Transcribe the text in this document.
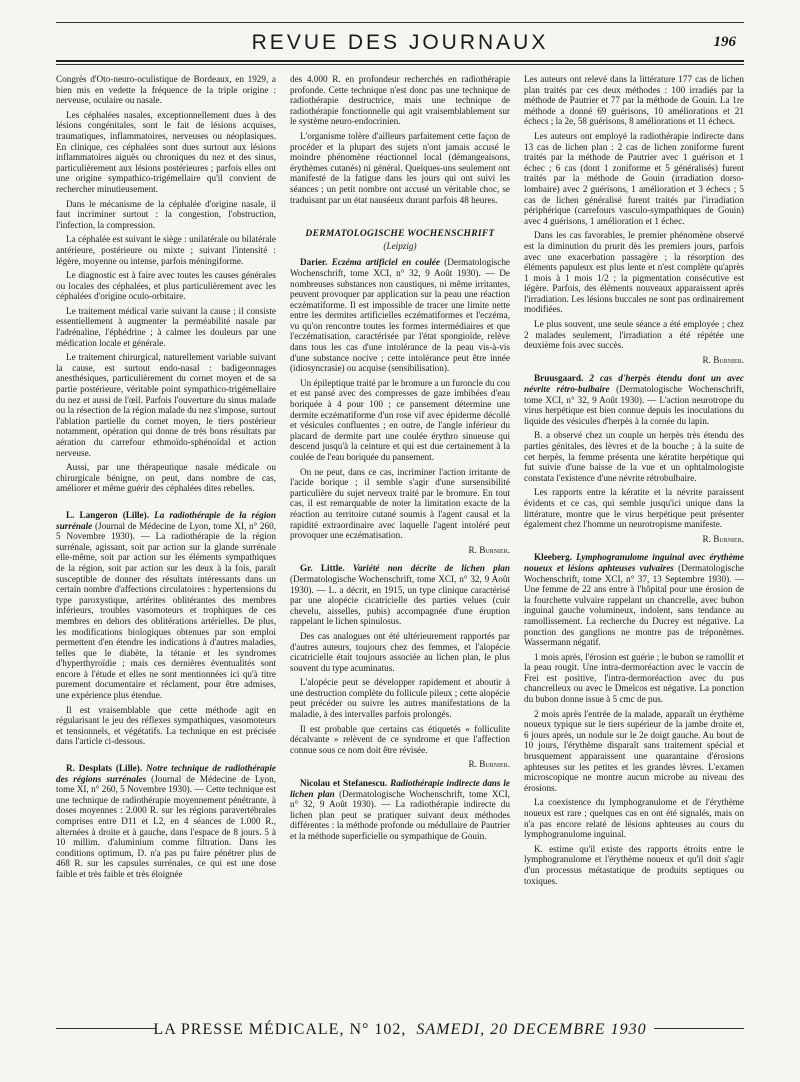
REVUE DES JOURNAUX	196

Congrès d'Oto-neuro-oculistique de Bordeaux, en 1929, a bien mis en vedette la fréquence de la triple origine : nerveuse, oculaire ou nasale.

Les céphalées nasales, exceptionnellement dues à des lésions congénitales, sont le fait de lésions acquises, traumatiques, inflammatoires, nerveuses ou néoplasiques. En clinique, ces céphalées sont dues surtout aux lésions inflammatoires aiguës ou chroniques du nez et des sinus, particulièrement aux lésions postérieures ; parfois elles ont une origine sympathico-trigémellaire qu'il convient de rechercher minutieusement.

Dans le mécanisme de la céphalée d'origine nasale, il faut incriminer surtout : la congestion, l'obstruction, l'infection, la compression.

La céphalée est suivant le siège : unilatérale ou bilatérale antérieure, postérieure ou mixte ; suivant l'intensité : légère, moyenne ou intense, parfois méningiforme.

Le diagnostic est à faire avec toutes les causes générales ou locales des céphalées, et plus particulièrement avec les céphalées d'origine oculo-orbitaire.

Le traitement médical varie suivant la cause ; il consiste essentiellement à augmenter la perméabilité nasale par l'adrénaline, l'éphédrine ; à calmer les douleurs par une médication locale et générale.

Le traitement chirurgical, naturellement variable suivant la cause, est surtout endo-nasal : badigeonnages anesthésiques, particulièrement du cornet moyen et de sa partie postérieure, véritable point sympathico-trigémellaire du nez et aussi de l'œil. Parfois l'ouverture du sinus malade ou la résection de la région malade du nez s'impose, surtout l'ablation partielle du cornet moyen, le tiers postérieur notamment, opération qui donne de très bons résultats par aération du carrefour ethmoïdo-sphénoïdal et action nerveuse.

Aussi, par une thérapeutique nasale médicale ou chirurgicale bénigne, on peut, dans nombre de cas, améliorer et même guérir des céphalées dites rebelles.

L. Langeron (Lille). La radiothérapie de la région surrénale (Journal de Médecine de Lyon, tome XI, n° 260, 5 Novembre 1930). — La radiothérapie de la région surrénale, agissant, soit par action sur la glande surrénale elle-même, soit par action sur les éléments sympathiques de la région, soit par action sur les deux à la fois, paraît susceptible de donner des résultats intéressants dans un certain nombre d'affections circulatoires : hypertensions du type paroxystique, artérites oblitérantes des membres inférieurs, troubles vasomoteurs et trophiques de ces membres en dehors des oblitérations artérielles. De plus, les modifications biologiques obtenues par son emploi permettent d'en étendre les indications à d'autres maladies, telles que le diabète, la tétanie et les syndromes d'hyperthyroïdie ; mais ces dernières éventualités sont encore à l'étude et elles ne sont mentionnées ici qu'à titre purement documentaire et réclament, pour être admises, une expérience plus étendue.

Il est vraisemblable que cette méthode agit en régularisant le jeu des réflexes sympathiques, vasomoteurs et tensionnels, et végétatifs. La technique en est précisée dans l'article ci-dessous.

R. Desplats (Lille). Notre technique de radiothérapie des régions surrénales (Journal de Médecine de Lyon, tome XI, n° 260, 5 Novembre 1930). — Cette technique est une technique de radiothérapie moyennement pénétrante, à doses moyennes : 2.000 R. sur les régions paravertébrales comprises entre D11 et L2, en 4 séances de 1.000 R., alternées à droite et à gauche, dans l'espace de 8 jours. 5 à 10 millim. d'aluminium comme filtration. Dans les conditions optimum, D. n'a pas pu faire pénétrer plus de 468 R. sur les capsules surrénales, ce qui est une dose faible et très faible et très éloignée

des 4.000 R. en profondeur recherchés en radiothérapie profonde. Cette technique n'est donc pas une technique de radiothérapie destructrice, mais une technique de radiothérapie fonctionnelle qui agit vraisemblablement sur le système neuro-endocrinien.

L'organisme tolère d'ailleurs parfaitement cette façon de procéder et la plupart des sujets n'ont jamais accusé le moindre phénomène réactionnel local (démangeaisons, érythèmes cutanés) ni général. Quelques-uns seulement ont manifesté de la fatigue dans les jours qui ont suivi les séances ; un petit nombre ont accusé un véritable choc, se traduisant par un état nauséeux durant parfois 48 heures.

DERMATOLOGISCHE WOCHENSCHRIFT

(Leipzig)

Darier. Eczéma artificiel en coulée (Dermatologische Wochenschrift, tome XCI, n° 32, 9 Août 1930). — De nombreuses substances non caustiques, ni même irritantes, peuvent provoquer par application sur la peau une réaction eczématiforme. Il est impossible de tracer une limite nette entre les dermites artificielles eczématiformes et l'eczéma, vu qu'on rencontre toutes les formes intermédiaires et que l'eczématisation, caractérisée par l'état spongioïde, relève dans tous les cas d'une intolérance de la peau vis-à-vis d'une substance nocive ; cette intolérance peut être innée (idiosyncrasie) ou acquise (sensibilisation).

Un épileptique traité par le bromure a un furoncle du cou et est pansé avec des compresses de gaze imbibées d'eau boriquée à 4 pour 100 ; ce pansement détermine une dermite eczématiforme d'un rose vif avec épiderme décollé et vésicules confluentes ; en outre, de l'angle inférieur du placard de dermite part une coulée érythro sinueuse qui descend jusqu'à la ceinture et qui est due certainement à la coulée de l'eau boriquée du pansement.

On ne peut, dans ce cas, incriminer l'action irritante de l'acide borique ; il semble s'agir d'une sursensibilité particulière du sujet nerveux traité par le bromure. En tout cas, il est remarquable de noter la limitation exacte de la réaction au territoire cutané soumis à l'agent causal et la rapidité extraordinaire avec laquelle l'agent intoléré peut provoquer une eczématisation.

R. Burnier.

Gr. Little. Variété non décrite de lichen plan (Dermatologische Wochenschrift, tome XCI, n° 32, 9 Août 1930). — L. a décrit, en 1915, un type clinique caractérisé par une alopécie cicatricielle des parties velues (cuir chevelu, aisselles, pubis) accompagnée d'une éruption rappelant le lichen spinulosus.

Des cas analogues ont été ultérieurement rapportés par d'autres auteurs, toujours chez des femmes, et l'alopécie cicatricielle était toujours associée au lichen plan, le plus souvent du type acuminatus.

L'alopécie peut se développer rapidement et aboutir à une destruction complète du follicule pileux ; cette alopécie peut précéder ou suivre les autres manifestations de la maladie, à des intervalles parfois prolongés.

Il est probable que certains cas étiquetés « folliculite décalvante » relèvent de ce syndrome et que l'affection connue sous ce nom doit être révisée.

R. Burnier.

Nicolau et Stefanescu. Radiothérapie indirecte dans le lichen plan (Dermatologische Wochenschrift, tome XCI, n° 32, 9 Août 1930). — La radiothérapie indirecte du lichen plan peut se pratiquer suivant deux méthodes différentes : la méthode profonde ou médullaire de Pautrier et la méthode superficielle ou sympathique de Gouin.

Les auteurs ont relevé dans la littérature 177 cas de lichen plan traités par ces deux méthodes : 100 irradiés par la méthode de Pautrier et 77 par la méthode de Gouin. La 1re méthode a donné 69 guérisons, 10 améliorations et 21 échecs ; la 2e, 58 guérisons, 8 améliorations et 11 échecs.

Les auteurs ont employé la radiothérapie indirecte dans 13 cas de lichen plan : 2 cas de lichen zoniforme furent traités par la méthode de Pautrier avec 1 guérison et 1 échec ; 6 cas (dont 1 zoniforme et 5 généralisés) furent traités par la méthode de Gouin (irradiation dorso-lombaire) avec 2 guérisons, 1 amélioration et 3 échecs ; 5 cas de lichen généralisé furent traités par l'irradiation périphérique (carrefours vasculo-sympathiques de Gouin) avec 4 guérisons, 1 amélioration et 1 échec.

Dans les cas favorables, le premier phénomène observé est la diminution du prurit dès les premiers jours, parfois avec une exacerbation passagère ; la résorption des éléments papuleux est plus lente et n'est complète qu'après 1 mois à 1 mois 1/2 ; la pigmentation consécutive est légère. Parfois, des éléments nouveaux apparaissent après l'irradiation. Les lésions buccales ne sont pas ordinairement modifiées.

Le plus souvent, une seule séance a été employée ; chez 2 malades seulement, l'irradiation a été répétée une deuxième fois avec succès.

R. Burnier.

Bruusgaard. 2 cas d'herpès étendu dont un avec névrite rétro-bulbaire (Dermatologische Wochenschrift, tome XCI, n° 32, 9 Août 1930). — L'action neurotrope du virus herpétique est bien connue depuis les inoculations du liquide des vésicules d'herpès à la cornée du lapin.

B. a observé chez un couple un herpès très étendu des parties génitales, des lèvres et de la bouche ; à la suite de cet herpès, la femme présenta une kératite herpétique qui fut suivie d'une baisse de la vue et un ophtalmologiste constata l'existence d'une névrite rétrobulbaire.

Les rapports entre la kératite et la névrite paraissent évidents et ce cas, qui semble jusqu'ici unique dans la littérature, montre que le virus herpétique peut présenter également chez l'homme un neurotropisme manifeste.

R. Burnier.

Kleeberg. Lymphogranulome inguinal avec érythème noueux et lésions aphteuses vulvaires (Dermatologische Wochenschrift, tome XCI, n° 37, 13 Septembre 1930). — Une femme de 22 ans entre à l'hôpital pour une érosion de la fourchette vulvaire rappelant un chancrelle, avec bubon inguinal gauche volumineux, indolent, sans tendance au ramollissement. La recherche du Ducrey est négative. La ponction des ganglions ne montre pas de tréponèmes. Wassermann négatif.

1 mois après, l'érosion est guérie ; le bubon se ramollit et la peau rougit. Une intra-dermoréaction avec le vaccin de Frei est positive, l'intra-dermoréaction avec du pus chancrelleux ou avec le Dmelcos est négative. La ponction du bubon donne issue à 5 cmc de pus.

2 mois après l'entrée de la malade, apparaît un érythème noueux typique sur le tiers supérieur de la jambe droite et, 6 jours après, un nodule sur le 2e doigt gauche. Au bout de 10 jours, l'érythème disparaît sans traitement spécial et brusquement apparaissent une quarantaine d'érosions aphteuses sur les petites et les grandes lèvres. L'examen microscopique ne montre aucun microbe au niveau des érosions.

La coexistence du lymphogranulome et de l'érythème noueux est rare ; quelques cas en ont été signalés, mais on n'a pas encore relaté de lésions aphteuses au cours du lymphogranulome inguinal.

K. estime qu'il existe des rapports étroits entre le lymphogranulome et l'érythème noueux et qu'il doit s'agir d'un processus métastatique de produits septiques ou toxiques.

LA PRESSE MÉDICALE, N° 102, SAMEDI, 20 DECEMBRE 1930
